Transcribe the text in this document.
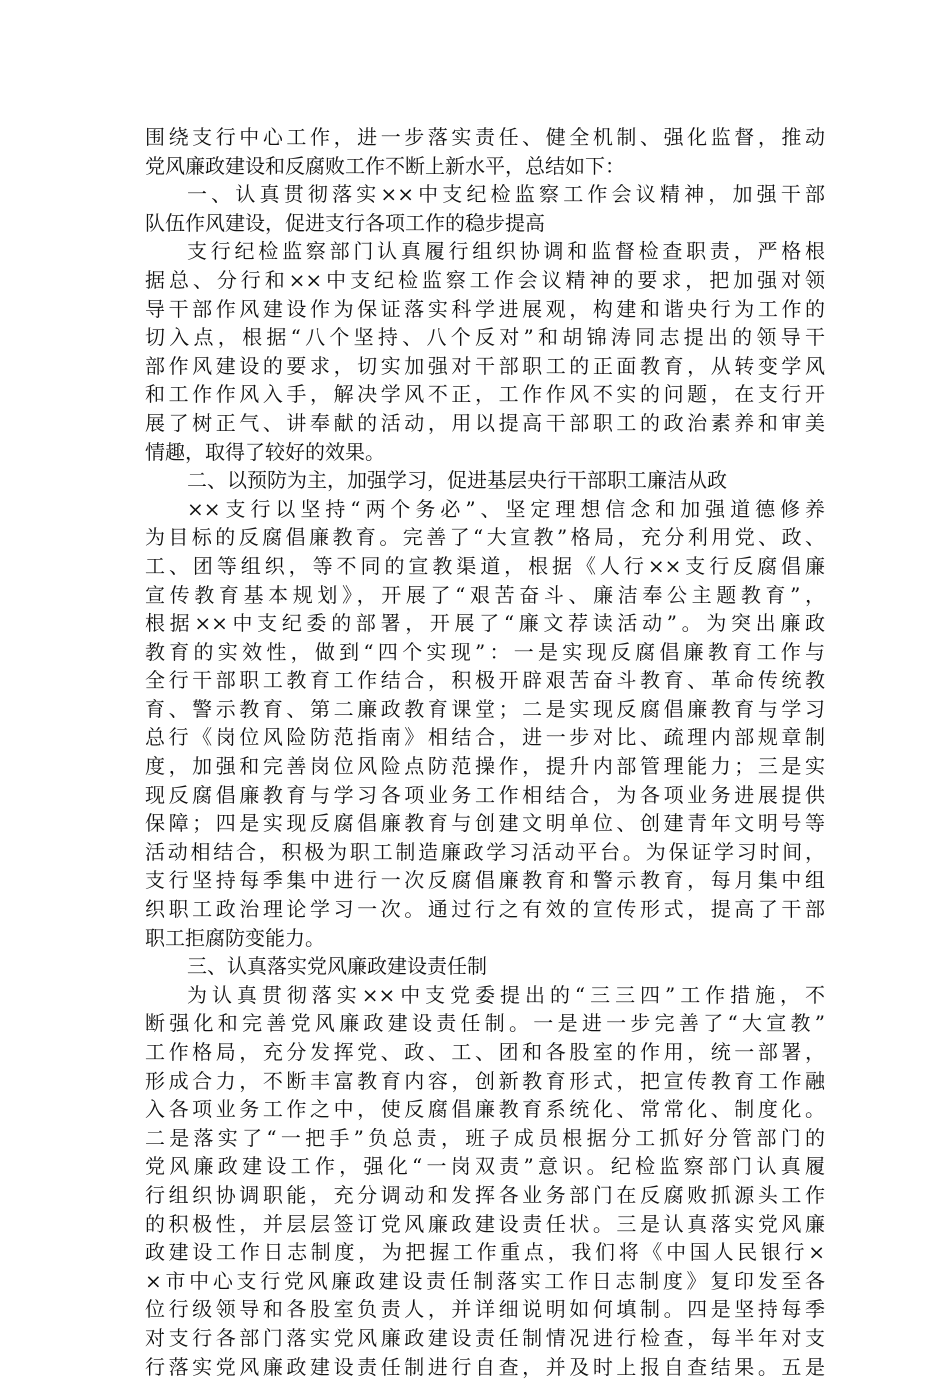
围绕支行中心工作，进一步落实责任、健全机制、强化监督，推动
党风廉政建设和反腐败工作不断上新水平，总结如下：
一、认真贯彻落实××中支纪检监察工作会议精神，加强干部
队伍作风建设，促进支行各项工作的稳步提高
支行纪检监察部门认真履行组织协调和监督检查职责，严格根
据总、分行和××中支纪检监察工作会议精神的要求，把加强对领
导干部作风建设作为保证落实科学进展观，构建和谐央行为工作的
切入点，根据“八个坚持、八个反对”和胡锦涛同志提出的领导干
部作风建设的要求，切实加强对干部职工的正面教育，从转变学风
和工作作风入手，解决学风不正，工作作风不实的问题，在支行开
展了树正气、讲奉献的活动，用以提高干部职工的政治素养和审美
情趣，取得了较好的效果。
二、以预防为主，加强学习，促进基层央行干部职工廉洁从政
××支行以坚持“两个务必”、坚定理想信念和加强道德修养
为目标的反腐倡廉教育。完善了“大宣教”格局，充分利用党、政、
工、团等组织，等不同的宣教渠道，根据《人行××支行反腐倡廉
宣传教育基本规划》，开展了“艰苦奋斗、廉洁奉公主题教育”，
根据××中支纪委的部署，开展了“廉文荐读活动”。为突出廉政
教育的实效性，做到“四个实现”：一是实现反腐倡廉教育工作与
全行干部职工教育工作结合，积极开辟艰苦奋斗教育、革命传统教
育、警示教育、第二廉政教育课堂；二是实现反腐倡廉教育与学习
总行《岗位风险防范指南》相结合，进一步对比、疏理内部规章制
度，加强和完善岗位风险点防范操作，提升内部管理能力；三是实
现反腐倡廉教育与学习各项业务工作相结合，为各项业务进展提供
保障；四是实现反腐倡廉教育与创建文明单位、创建青年文明号等
活动相结合，积极为职工制造廉政学习活动平台。为保证学习时间，
支行坚持每季集中进行一次反腐倡廉教育和警示教育，每月集中组
织职工政治理论学习一次。通过行之有效的宣传形式，提高了干部
职工拒腐防变能力。
三、认真落实党风廉政建设责任制
为认真贯彻落实××中支党委提出的“三三四”工作措施，不
断强化和完善党风廉政建设责任制。一是进一步完善了“大宣教”
工作格局，充分发挥党、政、工、团和各股室的作用，统一部署，
形成合力，不断丰富教育内容，创新教育形式，把宣传教育工作融
入各项业务工作之中，使反腐倡廉教育系统化、常常化、制度化。
二是落实了“一把手”负总责，班子成员根据分工抓好分管部门的
党风廉政建设工作，强化“一岗双责”意识。纪检监察部门认真履
行组织协调职能，充分调动和发挥各业务部门在反腐败抓源头工作
的积极性，并层层签订党风廉政建设责任状。三是认真落实党风廉
政建设工作日志制度，为把握工作重点，我们将《中国人民银行×
×市中心支行党风廉政建设责任制落实工作日志制度》复印发至各
位行级领导和各股室负责人，并详细说明如何填制。四是坚持每季
对支行各部门落实党风廉政建设责任制情况进行检查，每半年对支
行落实党风廉政建设责任制进行自查，并及时上报自查结果。五是
